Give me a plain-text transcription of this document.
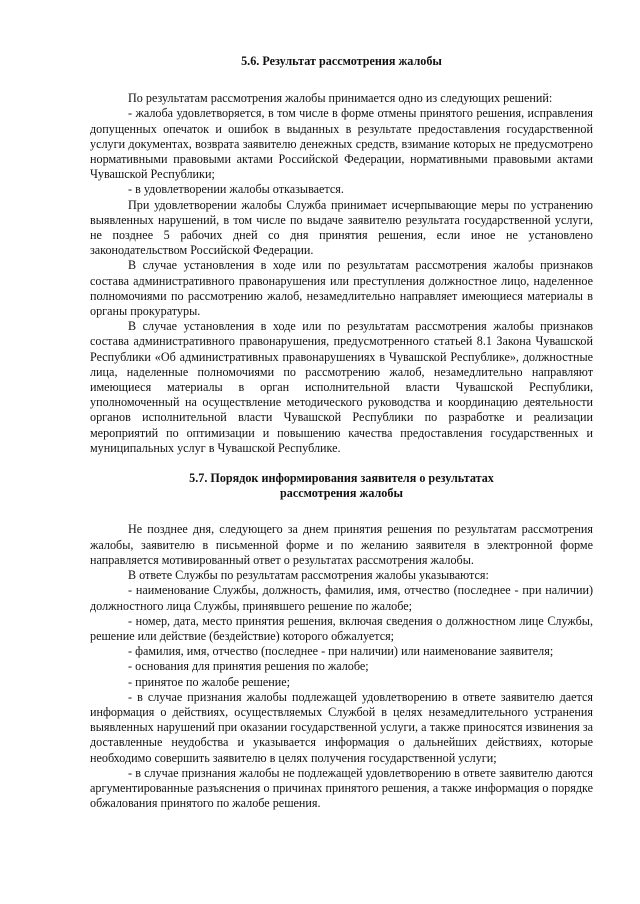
5.6. Результат рассмотрения жалобы

По результатам рассмотрения жалобы принимается одно из следующих решений:

- жалоба удовлетворяется, в том числе в форме отмены принятого решения, исправления допущенных опечаток и ошибок в выданных в результате предоставления государственной услуги документах, возврата заявителю денежных средств, взимание которых не предусмотрено нормативными правовыми актами Российской Федерации, нормативными правовыми актами Чувашской Республики;

- в удовлетворении жалобы отказывается.

При удовлетворении жалобы Служба принимает исчерпывающие меры по устранению выявленных нарушений, в том числе по выдаче заявителю результата государственной услуги, не позднее 5 рабочих дней со дня принятия решения, если иное не установлено законодательством Российской Федерации.

В случае установления в ходе или по результатам рассмотрения жалобы признаков состава административного правонарушения или преступления должностное лицо, наделенное полномочиями по рассмотрению жалоб, незамедлительно направляет имеющиеся материалы в органы прокуратуры.

В случае установления в ходе или по результатам рассмотрения жалобы признаков состава административного правонарушения, предусмотренного статьей 8.1 Закона Чувашской Республики «Об административных правонарушениях в Чувашской Республике», должностные лица, наделенные полномочиями по рассмотрению жалоб, незамедлительно направляют имеющиеся материалы в орган исполнительной власти Чувашской Республики, уполномоченный на осуществление методического руководства и координацию деятельности органов исполнительной власти Чувашской Республики по разработке и реализации мероприятий по оптимизации и повышению качества предоставления государственных и муниципальных услуг в Чувашской Республике.

5.7. Порядок информирования заявителя о результатах
рассмотрения жалобы

Не позднее дня, следующего за днем принятия решения по результатам рассмотрения жалобы, заявителю в письменной форме и по желанию заявителя в электронной форме направляется мотивированный ответ о результатах рассмотрения жалобы.

В ответе Службы по результатам рассмотрения жалобы указываются:

- наименование Службы, должность, фамилия, имя, отчество (последнее - при наличии) должностного лица Службы, принявшего решение по жалобе;

- номер, дата, место принятия решения, включая сведения о должностном лице Службы, решение или действие (бездействие) которого обжалуется;

- фамилия, имя, отчество (последнее - при наличии) или наименование заявителя;

- основания для принятия решения по жалобе;

- принятое по жалобе решение;

- в случае признания жалобы подлежащей удовлетворению в ответе заявителю дается информация о действиях, осуществляемых Службой в целях незамедлительного устранения выявленных нарушений при оказании государственной услуги, а также приносятся извинения за доставленные неудобства и указывается информация о дальнейших действиях, которые необходимо совершить заявителю в целях получения государственной услуги;

- в случае признания жалобы не подлежащей удовлетворению в ответе заявителю даются аргументированные разъяснения о причинах принятого решения, а также информация о порядке обжалования принятого по жалобе решения.
